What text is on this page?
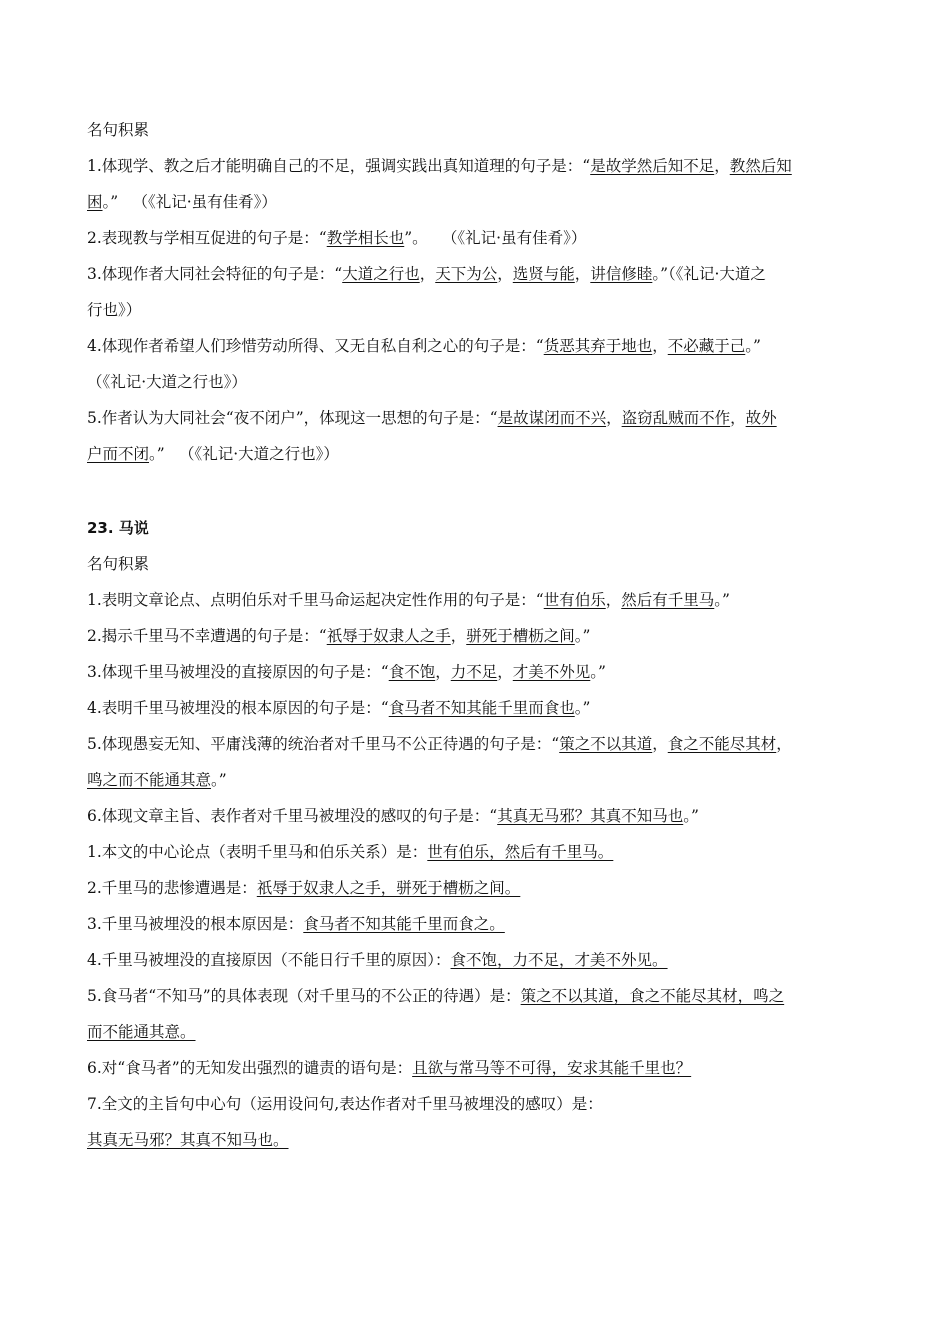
名句积累
1.体现学、教之后才能明确自己的不足，强调实践出真知道理的句子是：“是故学然后知不足，教然后知
困。” （《礼记·虽有佳肴》）
2.表现教与学相互促进的句子是：“教学相长也”。 （《礼记·虽有佳肴》）
3.体现作者大同社会特征的句子是：“大道之行也，天下为公，选贤与能，讲信修睦。”（《礼记·大道之
行也》）
4.体现作者希望人们珍惜劳动所得、又无自私自利之心的句子是：“货恶其弃于地也，不必藏于己。”
（《礼记·大道之行也》）
5.作者认为大同社会“夜不闭户”，体现这一思想的句子是：“是故谋闭而不兴，盗窃乱贼而不作，故外
户而不闭。” （《礼记·大道之行也》）
23. 马说
名句积累
1.表明文章论点、点明伯乐对千里马命运起决定性作用的句子是：“世有伯乐，然后有千里马。”
2.揭示千里马不幸遭遇的句子是：“祇辱于奴隶人之手，骈死于槽枥之间。”
3.体现千里马被埋没的直接原因的句子是：“食不饱，力不足，才美不外见。”
4.表明千里马被埋没的根本原因的句子是：“食马者不知其能千里而食也。”
5.体现愚妄无知、平庸浅薄的统治者对千里马不公正待遇的句子是：“策之不以其道，食之不能尽其材，
鸣之而不能通其意。”
6.体现文章主旨、表作者对千里马被埋没的感叹的句子是：“其真无马邪？其真不知马也。”
1.本文的中心论点（表明千里马和伯乐关系）是：世有伯乐，然后有千里马。
2.千里马的悲惨遭遇是：祇辱于奴隶人之手，骈死于槽枥之间。
3.千里马被埋没的根本原因是：食马者不知其能千里而食之。
4.千里马被埋没的直接原因（不能日行千里的原因）：食不饱，力不足，才美不外见。
5.食马者“不知马”的具体表现（对千里马的不公正的待遇）是：策之不以其道，食之不能尽其材，鸣之
而不能通其意。
6.对“食马者”的无知发出强烈的谴责的语句是：且欲与常马等不可得，安求其能千里也？
7.全文的主旨句中心句（运用设问句,表达作者对千里马被埋没的感叹）是：
其真无马邪？其真不知马也。
